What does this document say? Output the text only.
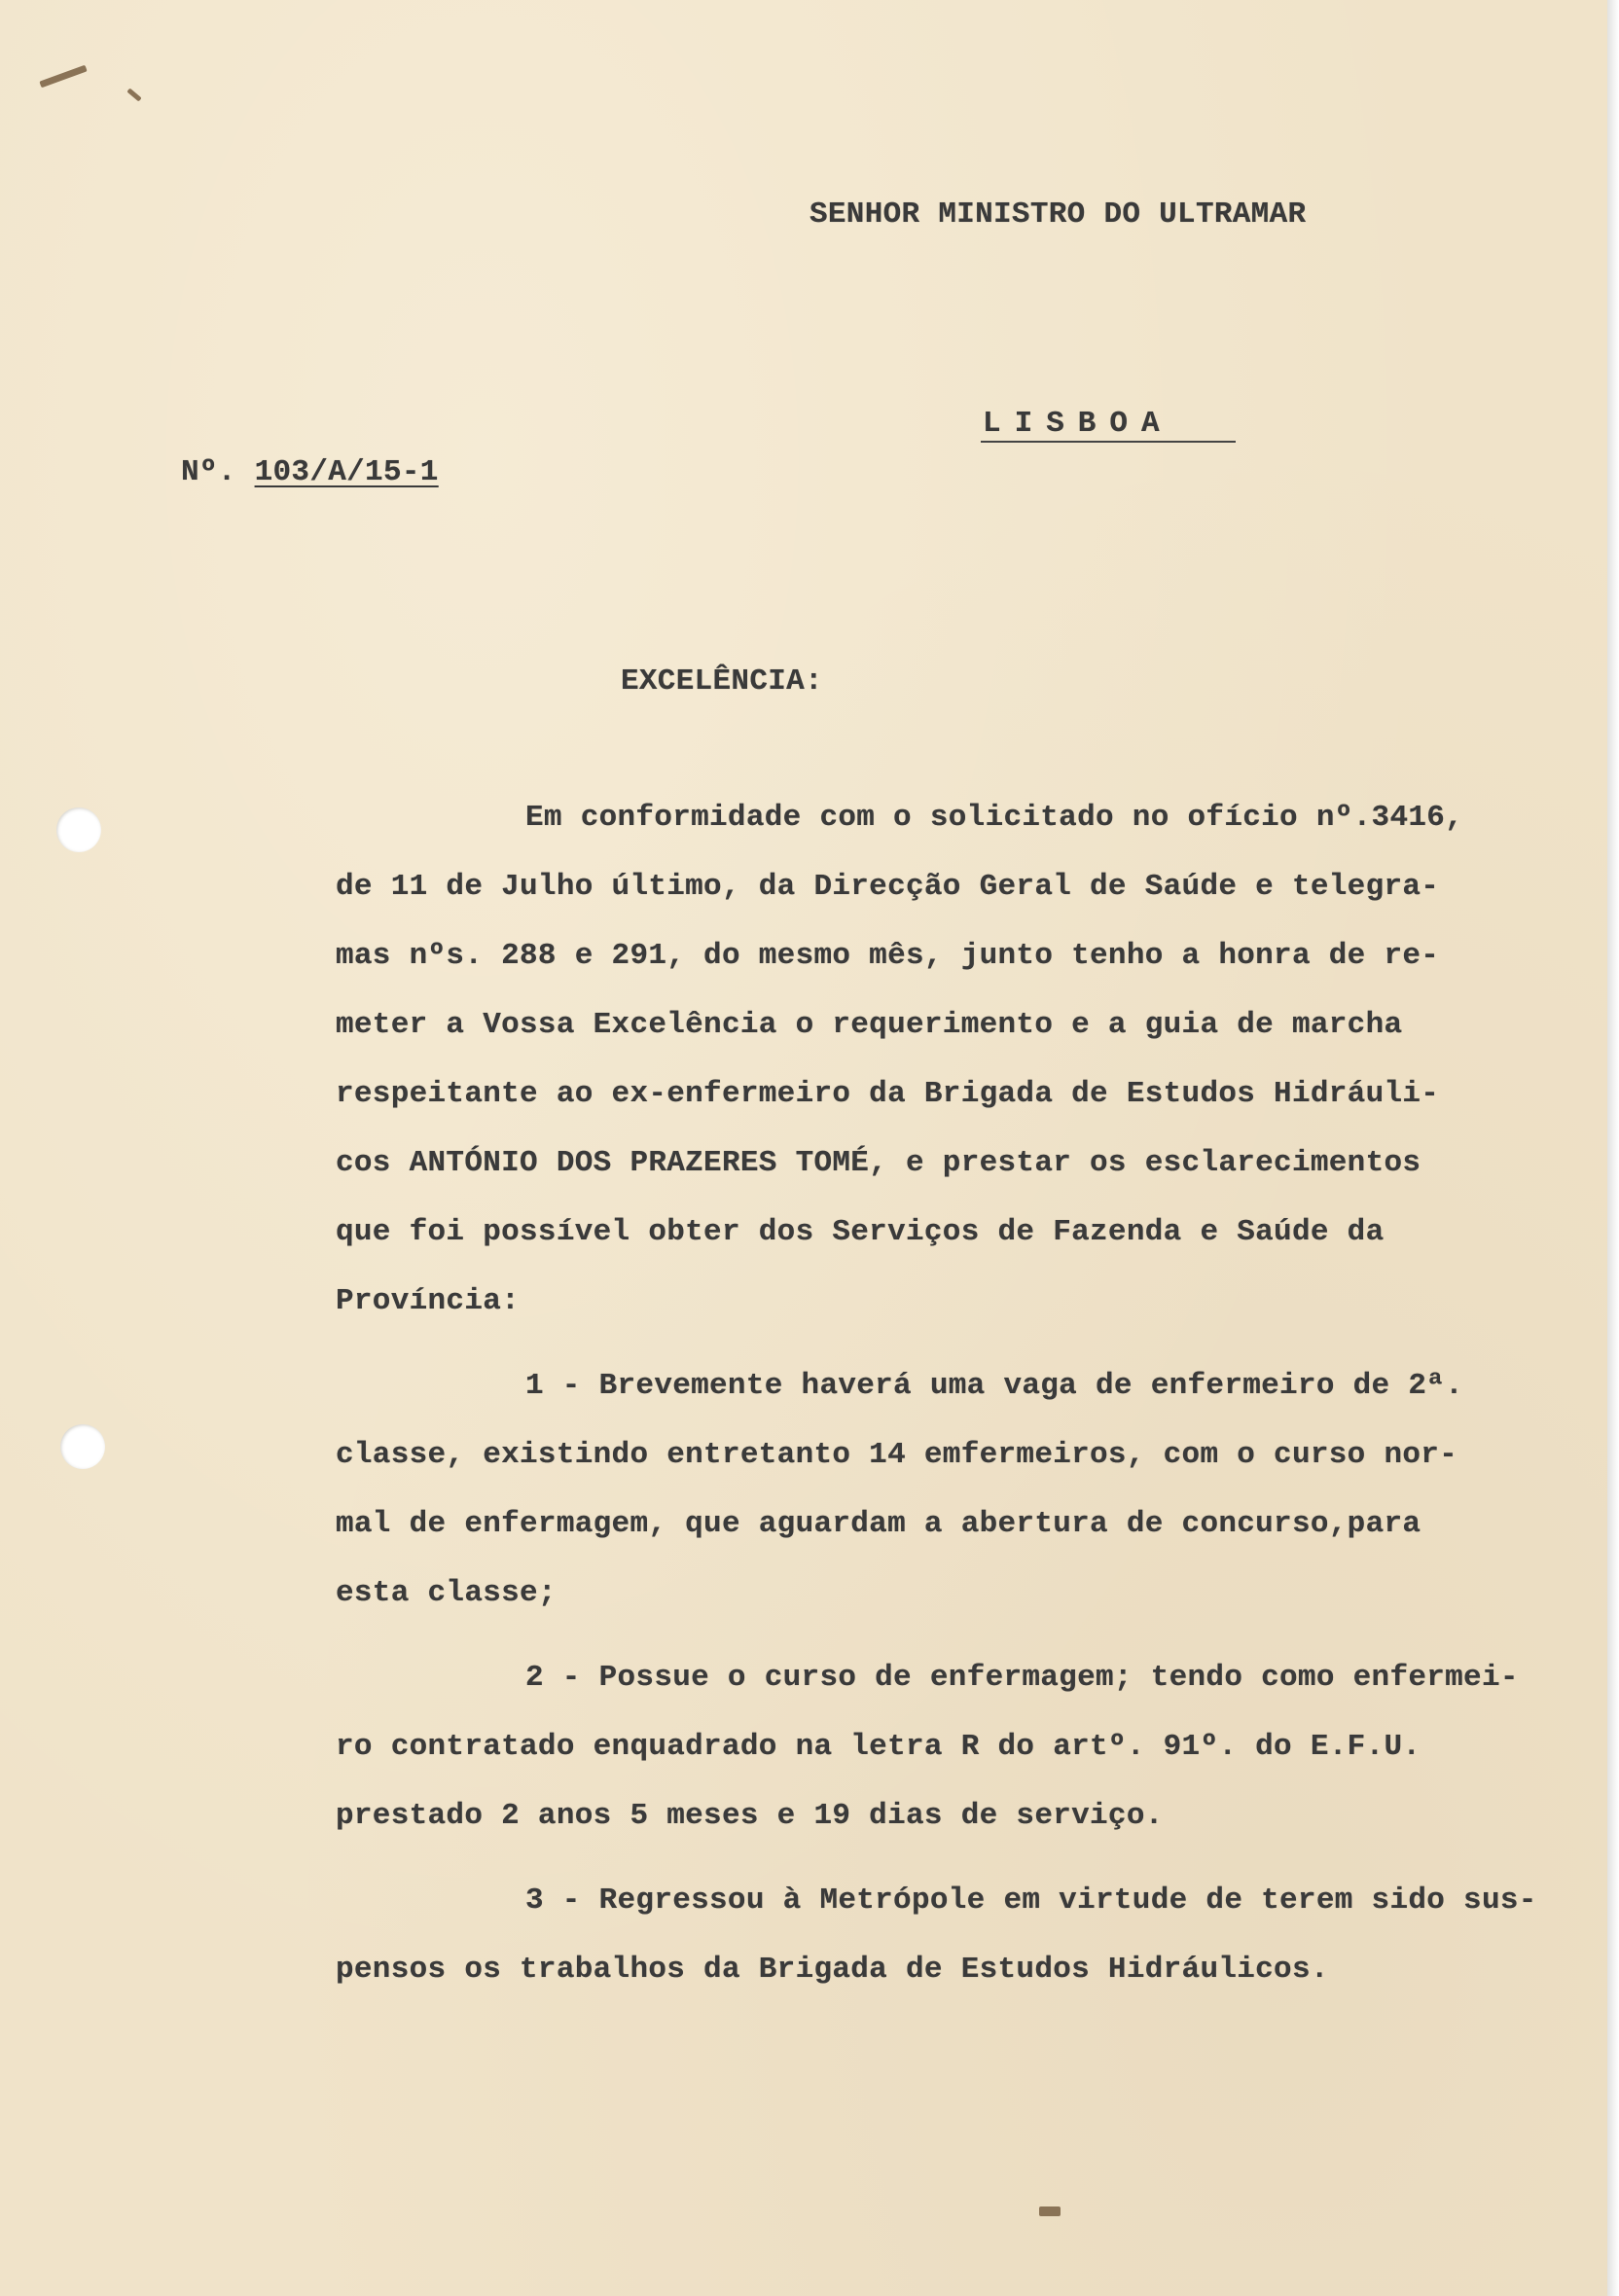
SENHOR MINISTRO DO ULTRAMAR
LISBOA
Nº. 103/A/15-1
EXCELÊNCIA:
Em conformidade com o solicitado no ofício nº.3416,
de 11 de Julho último, da Direcção Geral de Saúde e telegra-
mas nºs. 288 e 291, do mesmo mês, junto tenho a honra de re-
meter a Vossa Excelência o requerimento e a guia de marcha
respeitante ao ex-enfermeiro da Brigada de Estudos Hidráuli-
cos ANTÓNIO DOS PRAZERES TOMÉ, e prestar os esclarecimentos
que foi possível obter dos Serviços de Fazenda e Saúde da
Província:
1 - Brevemente haverá uma vaga de enfermeiro de 2ª.
classe, existindo entretanto 14 emfermeiros, com o curso nor-
mal de enfermagem, que aguardam a abertura de concurso,para
esta classe;
2 - Possue o curso de enfermagem; tendo como enfermei-
ro contratado enquadrado na letra R do artº. 91º. do E.F.U.
prestado 2 anos 5 meses e 19 dias de serviço.
3 - Regressou à Metrópole em virtude de terem sido sus-
pensos os trabalhos da Brigada de Estudos Hidráulicos.
